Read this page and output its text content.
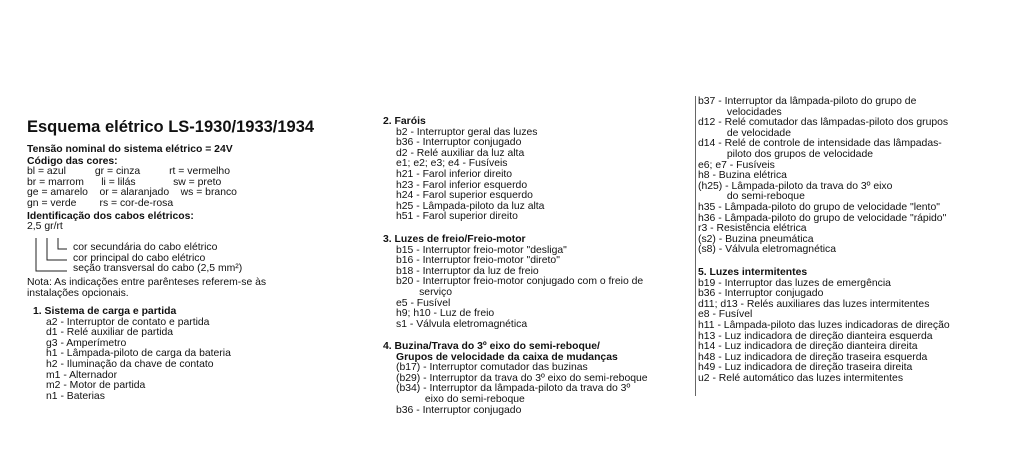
Esquema elétrico LS-1930/1933/1934
Tensão nominal do sistema elétrico = 24V
Código das cores:
bl = azul          gr = cinza          rt = vermelho
br = marrom      li = lilás             sw = preto
ge = amarelo    or = alaranjado    ws = branco
gn = verde        rs = cor-de-rosa
Identificação dos cabos elétricos:
2,5 gr/rt
cor secundária do cabo elétrico
cor principal do cabo elétrico
seção transversal do cabo (2,5 mm²)
Nota: As indicações entre parênteses referem-se às
instalações opcionais.
1. Sistema de carga e partida
a2 - Interruptor de contato e partida
d1 - Relé auxiliar de partida
g3 - Amperímetro
h1 - Lâmpada-piloto de carga da bateria
h2 - Iluminação da chave de contato
m1 - Alternador
m2 - Motor de partida
n1 - Baterias
2. Faróis
b2 - Interruptor geral das luzes
b36 - Interruptor conjugado
d2 - Relé auxiliar da luz alta
e1; e2; e3; e4 - Fusíveis
h21 - Farol inferior direito
h23 - Farol inferior esquerdo
h24 - Farol superior esquerdo
h25 - Lâmpada-piloto da luz alta
h51 - Farol superior direito
3. Luzes de freio/Freio-motor
b15 - Interruptor freio-motor "desliga"
b16 - Interruptor freio-motor "direto"
b18 - Interruptor da luz de freio
b20 - Interruptor freio-motor conjugado com o freio de
serviço
e5 - Fusível
h9; h10 - Luz de freio
s1 - Válvula eletromagnética
4. Buzina/Trava do 3º eixo do semi-reboque/
Grupos de velocidade da caixa de mudanças
(b17) - Interruptor comutador das buzinas
(b29) - Interruptor da trava do 3º eixo do semi-reboque
(b34) - Interruptor da lâmpada-piloto da trava do 3º
eixo do semi-reboque
b36 - Interruptor conjugado
b37 - Interruptor da lâmpada-piloto do grupo de
velocidades
d12 - Relé comutador das lâmpadas-piloto dos grupos
de velocidade
d14 - Relé de controle de intensidade das lâmpadas-
piloto dos grupos de velocidade
e6; e7 - Fusíveis
h8 - Buzina elétrica
(h25) - Lâmpada-piloto da trava do 3º eixo
do semi-reboque
h35 - Lâmpada-piloto do grupo de velocidade "lento"
h36 - Lâmpada-piloto do grupo de velocidade "rápido"
r3 - Resistência elétrica
(s2) - Buzina pneumática
(s8) - Válvula eletromagnética
5. Luzes intermitentes
b19 - Interruptor das luzes de emergência
b36 - Interruptor conjugado
d11; d13 - Relés auxiliares das luzes intermitentes
e8 - Fusível
h11 - Lâmpada-piloto das luzes indicadoras de direção
h13 - Luz indicadora de direção dianteira esquerda
h14 - Luz indicadora de direção dianteira direita
h48 - Luz indicadora de direção traseira esquerda
h49 - Luz indicadora de direção traseira direita
u2 - Relé automático das luzes intermitentes
